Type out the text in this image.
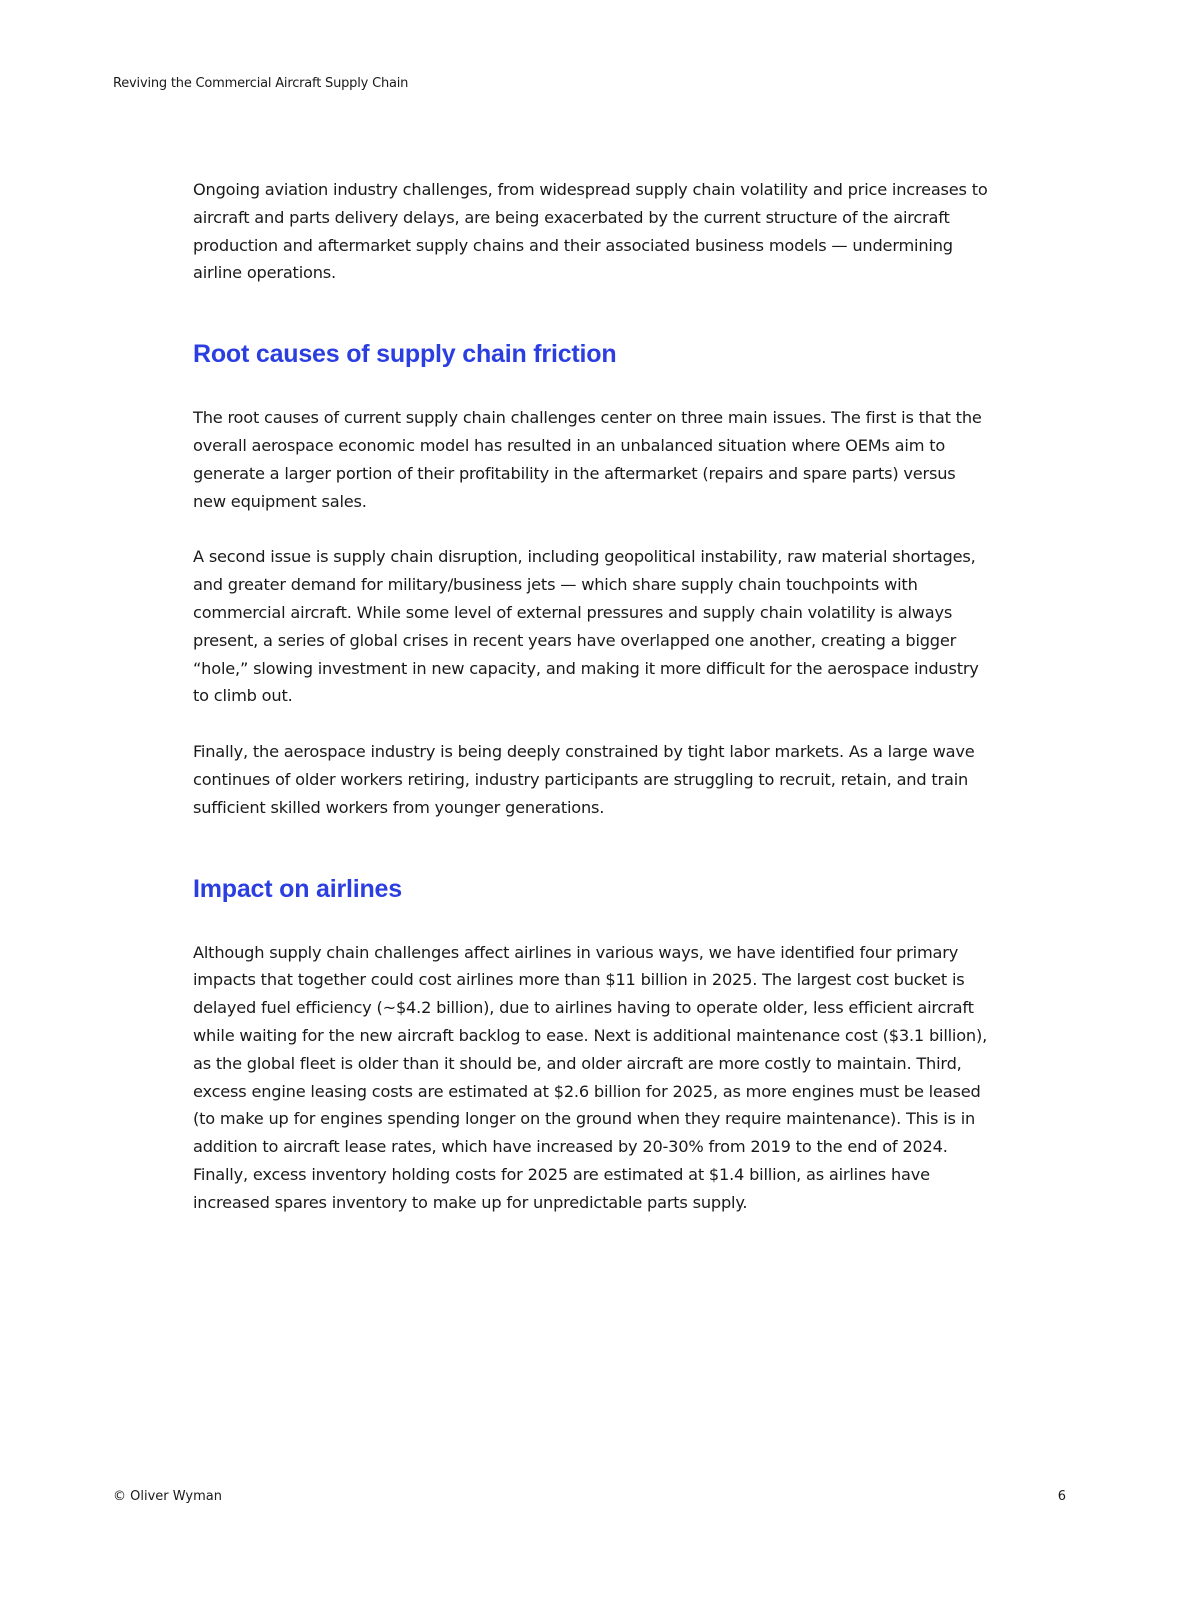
Reviving the Commercial Aircraft Supply Chain

Ongoing aviation industry challenges, from widespread supply chain volatility and price increases to aircraft and parts delivery delays, are being exacerbated by the current structure of the aircraft production and aftermarket supply chains and their associated business models — undermining airline operations.

Root causes of supply chain friction

The root causes of current supply chain challenges center on three main issues. The first is that the overall aerospace economic model has resulted in an unbalanced situation where OEMs aim to generate a larger portion of their profitability in the aftermarket (repairs and spare parts) versus new equipment sales.

A second issue is supply chain disruption, including geopolitical instability, raw material shortages, and greater demand for military/business jets — which share supply chain touchpoints with commercial aircraft. While some level of external pressures and supply chain volatility is always present, a series of global crises in recent years have overlapped one another, creating a bigger “hole,” slowing investment in new capacity, and making it more difficult for the aerospace industry to climb out.

Finally, the aerospace industry is being deeply constrained by tight labor markets. As a large wave continues of older workers retiring, industry participants are struggling to recruit, retain, and train sufficient skilled workers from younger generations.

Impact on airlines

Although supply chain challenges affect airlines in various ways, we have identified four primary impacts that together could cost airlines more than $11 billion in 2025. The largest cost bucket is delayed fuel efficiency (~$4.2 billion), due to airlines having to operate older, less efficient aircraft while waiting for the new aircraft backlog to ease. Next is additional maintenance cost ($3.1 billion), as the global fleet is older than it should be, and older aircraft are more costly to maintain. Third, excess engine leasing costs are estimated at $2.6 billion for 2025, as more engines must be leased (to make up for engines spending longer on the ground when they require maintenance). This is in addition to aircraft lease rates, which have increased by 20-30% from 2019 to the end of 2024. Finally, excess inventory holding costs for 2025 are estimated at $1.4 billion, as airlines have increased spares inventory to make up for unpredictable parts supply.

© Oliver Wyman	6
